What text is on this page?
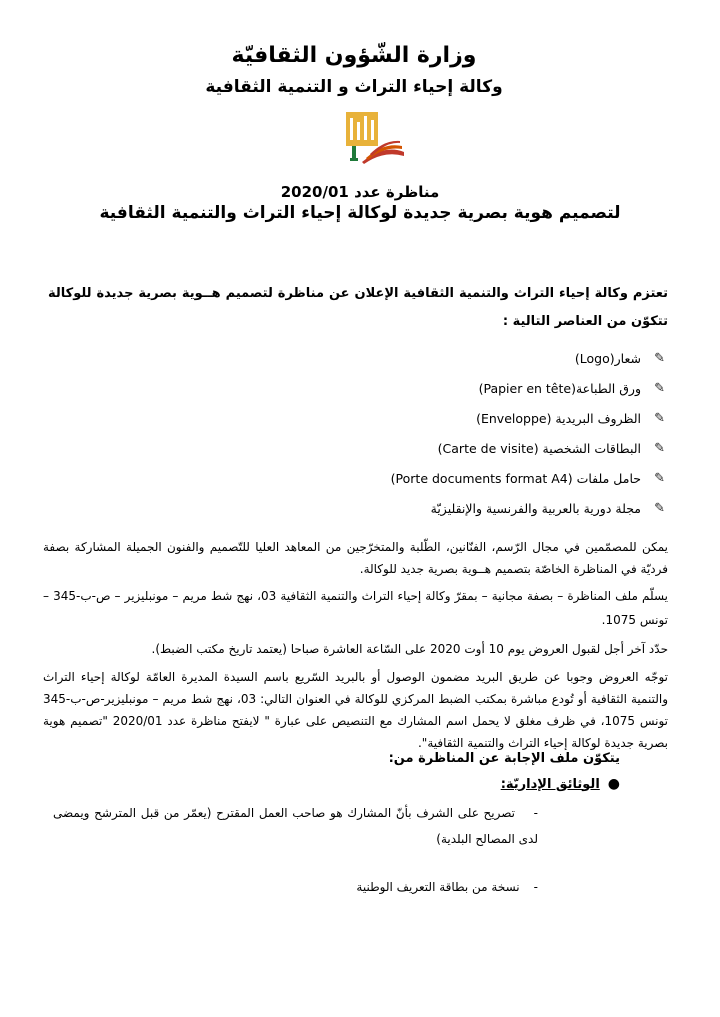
وزارة الشّؤون الثقافيّة
وكالة إحياء التراث و التنمية الثقافية
مناظرة عدد 2020/01
لتصميم هوية بصرية جديدة لوكالة إحياء التراث والتنمية الثقافية
تعتزم وكالة إحياء التراث والتنمية الثقافية الإعلان عن مناظرة لتصميم هــوية بصرية جديدة للوكالة تتكوّن من العناصر التالية :
✎
شعار(Logo)
✎
ورق الطباعة(Papier en tête)
✎
الظروف البريدية (Enveloppe)
✎
البطاقات الشخصية (Carte de visite)
✎
حامل ملفات (Porte documents format A4)
✎
مجلة دورية بالعربية والفرنسية والإنقليزيّة
يمكن للمصمّمين في مجال الرّسم، الفنّانين، الطّلبة والمتخرّجين من المعاهد العليا للتّصميم والفنون الجميلة المشاركة بصفة فرديّة في المناظرة الخاصّة بتصميم هــوية بصرية جديد للوكالة.
يسلّم ملف المناظرة – بصفة مجانية – بمقرّ وكالة إحياء التراث والتنمية الثقافية 03، نهج شط مريم – مونبليزير – ص-ب-345 – تونس 1075.
حدّد آخر أجل لقبول العروض يوم 10 أوت 2020 على السّاعة العاشرة صباحا (يعتمد تاريخ مكتب الضبط).
توجّه العروض وجوبا عن طريق البريد مضمون الوصول أو بالبريد السّريع باسم السيدة المديرة العامّة لوكالة إحياء التراث والتنمية الثقافية أو تُودع مباشرة بمكتب الضبط المركزي للوكالة في العنوان التالي: 03، نهج شط مريم – مونبليزير-ص-ب-345 تونس 1075، في ظرف مغلق لا يحمل اسم المشارك مع التنصيص على عبارة " لايفتح مناظرة عدد 2020/01 "تصميم هوية بصرية جديدة لوكالة إحياء التراث والتنمية الثقافية".
يتكوّن ملف الإجابة عن المناظرة من:
●
الوثائق الإداريّة:
-    تصريح على الشرف بأنّ المشارك هو صاحب العمل المقترح (يعمّر من قبل المترشح ويمضى لدى المصالح البلدية)
-
نسخة من بطاقة التعريف الوطنية
